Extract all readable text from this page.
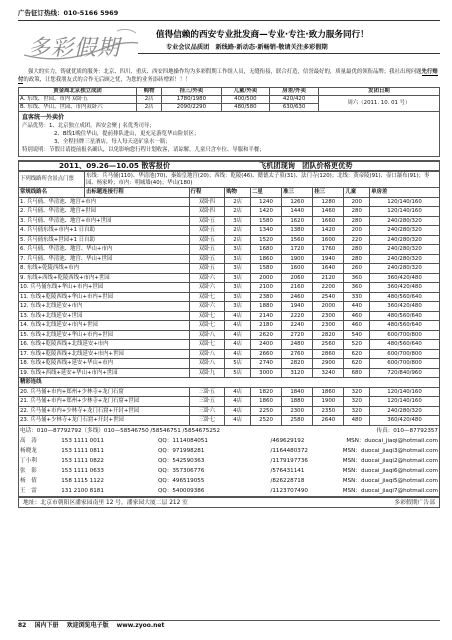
广告征订热线：010-5166 5969
多彩假期
值得信赖的西安专业批发商—专业·专注·致力服务同行！
专业会议品质团　新线路·新动态·新畅销·敬请关注多彩假期
强大的实力，铸就优质的服务：北京、四川、重庆、西安四地操作均为多彩假期工作组人员，无缝衔接，联合打造，信誉最好的，质量最优的领衔品牌；我社出现问题先行赔付的政策，让您我朋友式的合作无后顾之忧，为您的业务添砖增彩！！！
黄金周北京独立成团	购物	挂三/外卖	儿童/外卖	房差/外卖	发团日期
A. 东线、世园、市内 双卧五	2店	1780/1980	400/500	420/420	周六（2011. 10. 01 号）
B. 东线、华山、世园、市内双卧六	2店	2090/2290	480/580	630/630	
直客统一外卖价
产品优势：1、北京独立成团，西安会聚 | 名优秀司导；
2、B线1晚住华山，提前排队进山，更充足游览华山险景区；
3、全程挂牌三星酒店，每人每天送矿泉水一瓶；
特别说明：节假日请提前报名确认，以免影响您行程计划收客，请谅解，儿童只含车位、导服和半餐；
2011、09.26—10.05 散客报价	飞机团现询　团队价格更优势
下列线路所含景点门票	东线：兵马俑(110)、华清池(70)、秦始皇地宫(20)；西线：乾陵(46)、懿德太子墓(31)、法门寺(120)；北线：黄帝陵(91)、壶口瀑布(91)；枣园、杨家岭；市内：明城墙(40)；华山(180)							
常规线路名	击标题连接行程	行程	购物	二星	准三	挂三	儿童	单房差
1. 兵马俑、华清池、地宫+市内		双卧四	2店	1240	1260	1280	200	120/140/160
2. 兵马俑、华清池、地宫+世园		双卧四	2店	1420	1440	1460	280	120/140/160
3. 兵马俑、华清池、地宫+市内+世园		双卧五	3店	1580	1620	1660	280	240/280/320
4. 兵马俑东线+市内+1 日自助		双卧五	2店	1340	1380	1420	200	240/280/320
5. 兵马俑东线+世园+1 日自助		双卧五	2店	1520	1560	1600	220	240/280/320
6. 兵马俑、华清池、地宫、华山+市内		双卧五	3店	1680	1720	1760	280	240/280/320
7. 兵马俑、华清池、地宫、华山+世园		双卧五	3店	1860	1900	1940	280	240/280/320
8. 东线+乾陵西线+市内		双卧五	3店	1580	1600	1640	260	240/280/320
9. 东线+西线+乾陵西线+市内+世园		双卧六	3店	2000	2060	2120	360	360/420/480
10. 兵马俑东线+华山+市内+世园		双卧六	3店	2100	2160	2200	360	360/420/480
11. 东线+乾陵西线+华山+市内+世园		双卧七	3店	2380	2460	2540	330	480/560/640
12. 东线+北线延安+市内		双卧六	3店	1880	1940	2000	440	360/420/480
13. 东线+北线延安+世园		双卧七	4店	2140	2220	2300	460	480/560/640
14. 东线+北线延安+市内+世园		双卧七	4店	2180	2240	2300	460	480/560/640
15. 东线+北线延安+华山+市内+世园		双卧八	4店	2620	2720	2820	540	600/700/800
16. 东线+乾陵西线+北线延安+市内		双卧七	4店	2400	2480	2560	520	480/560/640
17. 东线+乾陵西线+北线延安+市内+世园		双卧八	4店	2660	2760	2860	620	600/700/800
18. 东线+乾陵西线+延安+华山+市内		双卧八	5店	2740	2820	2900	620	600/700/800
19. 东线+西线+延安+华山+市内+世园		双卧九	5店	3000	3120	3240	680	720/840/960
精彩连线								
20. 兵马俑+市内+郑州+少林寺+龙门石窟		三卧五	4店	1820	1840	1860	320	120/140/160
21. 兵马俑+市内+郑州+少林寺+龙门石窟+世园		三卧五	4店	1860	1880	1900	320	120/140/160
22. 兵马俑+市内+少林寺+龙门石窟+开封+世园		三卧六	4店	2250	2300	2350	320	240/280/320
23. 兵马俑+少林寺+龙门石窟+开封+世园		三卧七	4店	2520	2580	2640	480	360/420/480
电话：010—87792792（多线）010—58546750 /58546751 /5854675252			传真：010—87792357	
高　涛	153 1111 0011	QQ：1114084051	/469629192	MSN：duocai_jiaqi@hotmail.com
杨晓龙	153 1111 0811	QQ：971998281	/1164480372	MSN：duocai_jiaqi3@hotmail.com
丁小利	153 1111 0822	QQ：542590363	/1179197736	MSN：duocai_jiaqi2@hotmail.com
张　影	153 1111 0633	QQ：357306776	/576431141	MSN：duocai_jiaqi6@hotmail.com
杨　倩	158 1115 1122	QQ：496519055	/826228718	MSN：duocai_jiaqi5@hotmail.com
王　雷	131 2100 8181	QQ：540009386	/1123707490	MSN：duocai_jiaqi7@hotmail.com
地址：北京市朝阳区潘家园南里 12 号，潘家园大厦二层 212 室	多彩假期广告部
82 国内下册 欢迎浏览电子版 www.zyoo.net
